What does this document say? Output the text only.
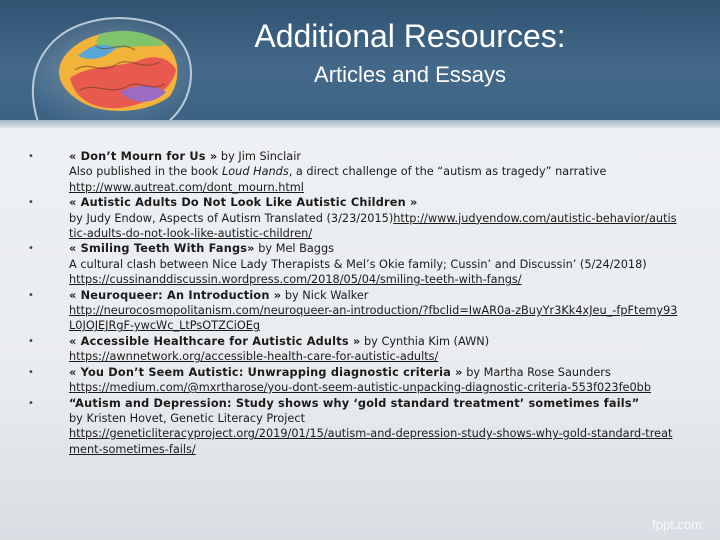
Additional Resources:
Articles and Essays
•	« Don’t Mourn for Us » by Jim Sinclair
Also published in the book Loud Hands, a direct challenge of the “autism as tragedy” narrative
http://www.autreat.com/dont_mourn.html
•	« Autistic Adults Do Not Look Like Autistic Children »
by Judy Endow, Aspects of Autism Translated (3/23/2015)http://www.judyendow.com/autistic-behavior/autistic-adults-do-not-look-like-autistic-children/
•	« Smiling Teeth With Fangs» by Mel Baggs
A cultural clash between Nice Lady Therapists & Mel’s Okie family; Cussin’ and Discussin’ (5/24/2018)
https://cussinanddiscussin.wordpress.com/2018/05/04/smiling-teeth-with-fangs/
•	« Neuroqueer: An Introduction » by Nick Walker
http://neurocosmopolitanism.com/neuroqueer-an-introduction/?fbclid=IwAR0a-zBuyYr3Kk4xJeu_-fpFtemy93L0JOJEJRgF-ywcWc_LtPsOTZCiOEg
•	« Accessible Healthcare for Autistic Adults » by Cynthia Kim (AWN)
https://awnnetwork.org/accessible-health-care-for-autistic-adults/
•	« You Don’t Seem Autistic: Unwrapping diagnostic criteria » by Martha Rose Saunders
https://medium.com/@mxrtharose/you-dont-seem-autistic-unpacking-diagnostic-criteria-553f023fe0bb
•	“Autism and Depression: Study shows why ‘gold standard treatment’ sometimes fails”
by Kristen Hovet, Genetic Literacy Project
https://geneticliteracyproject.org/2019/01/15/autism-and-depression-study-shows-why-gold-standard-treatment-sometimes-fails/
fppt.com
